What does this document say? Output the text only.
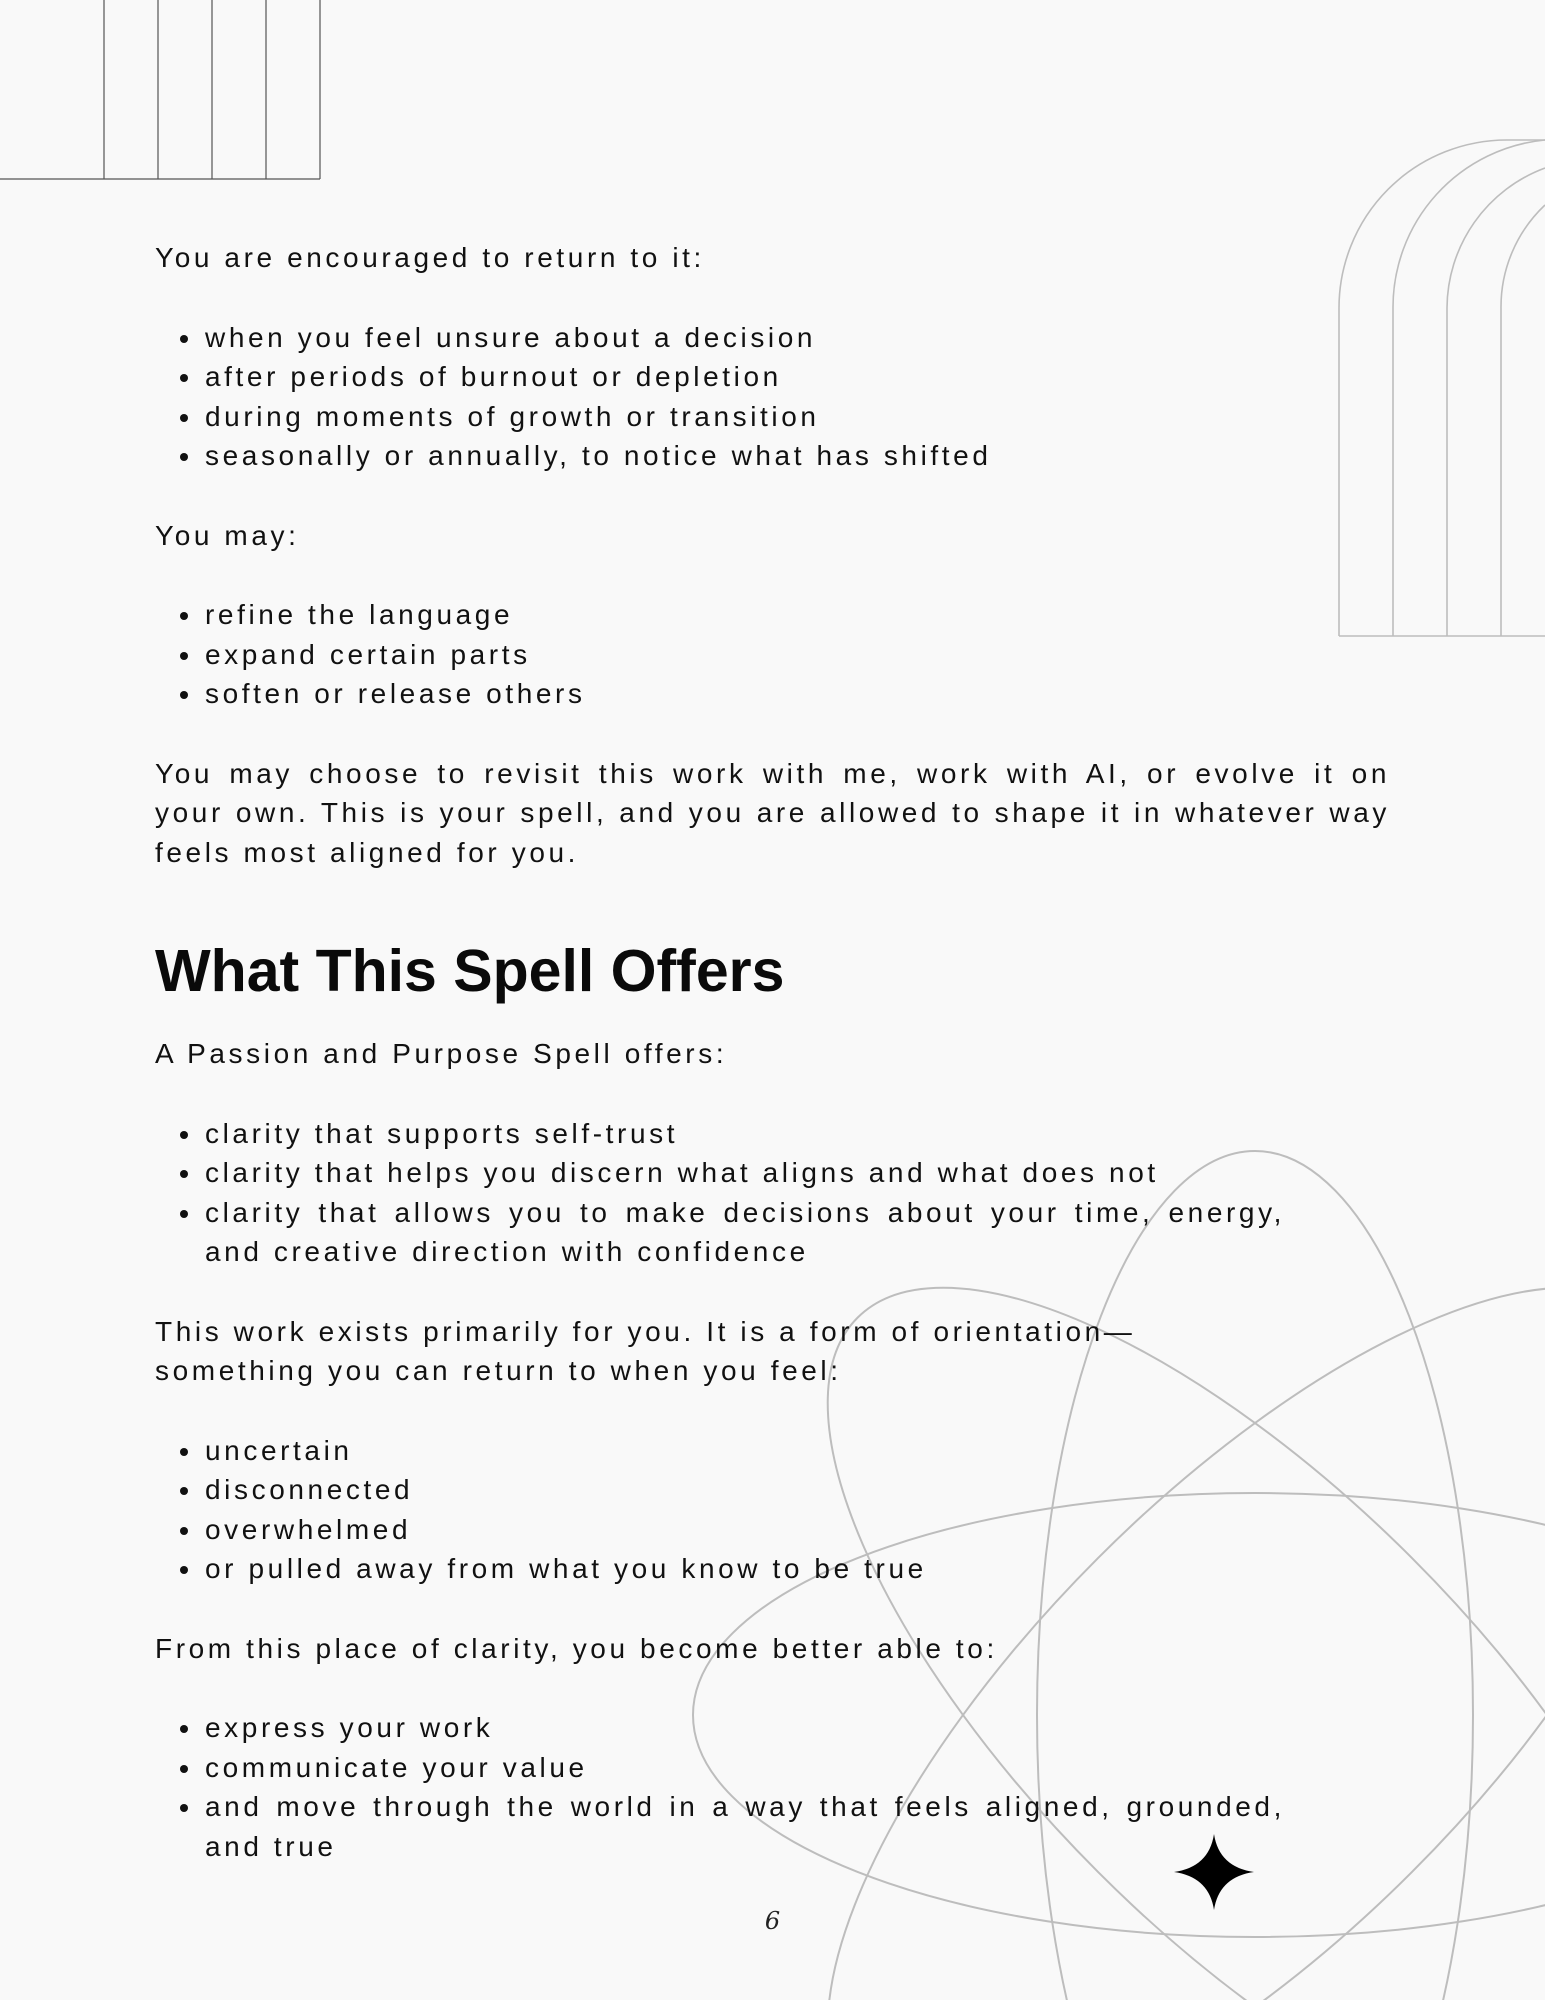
You are encouraged to return to it:

• when you feel unsure about a decision
• after periods of burnout or depletion
• during moments of growth or transition
• seasonally or annually, to notice what has shifted

You may:

• refine the language
• expand certain parts
• soften or release others

You may choose to revisit this work with me, work with AI, or evolve it on your own. This is your spell, and you are allowed to shape it in whatever way feels most aligned for you.

What This Spell Offers

A Passion and Purpose Spell offers:

• clarity that supports self-trust
• clarity that helps you discern what aligns and what does not
• clarity that allows you to make decisions about your time, energy, and creative direction with confidence

This work exists primarily for you. It is a form of orientation— something you can return to when you feel:

• uncertain
• disconnected
• overwhelmed
• or pulled away from what you know to be true

From this place of clarity, you become better able to:

• express your work
• communicate your value
• and move through the world in a way that feels aligned, grounded, and true
6
